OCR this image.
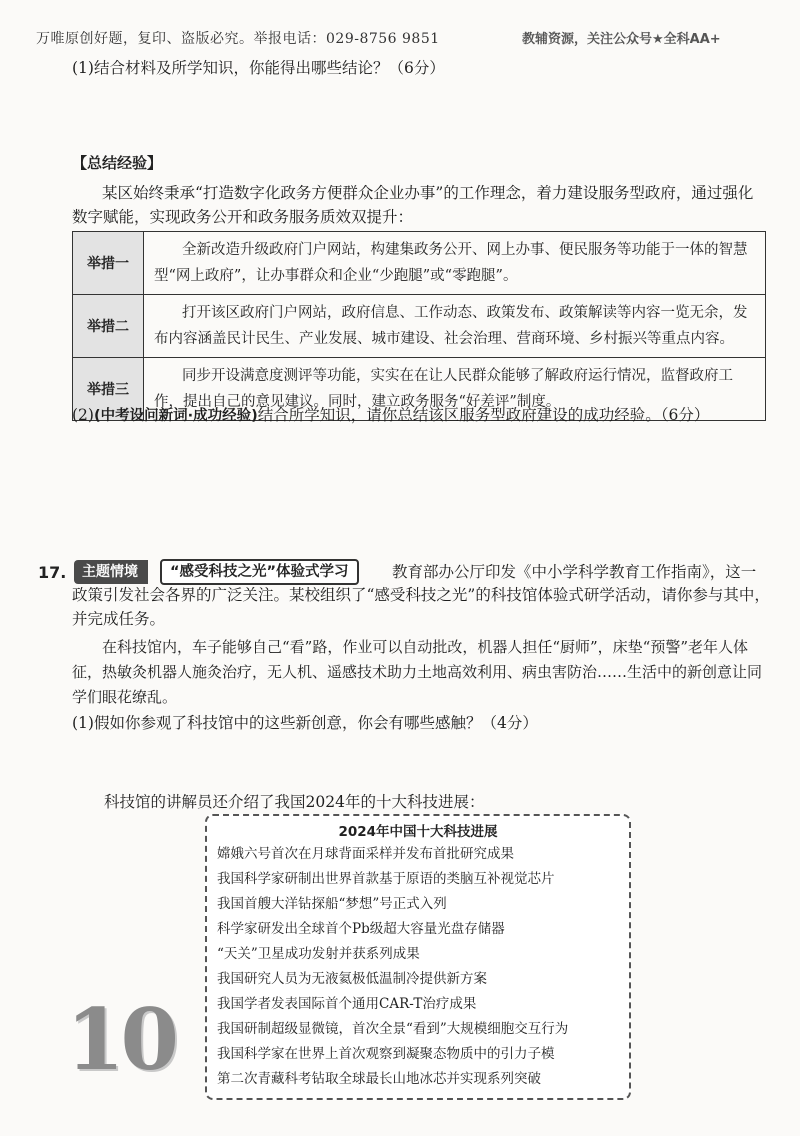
万唯原创好题，复印、盗版必究。举报电话：029-8756 9851	教辅资源，关注公众号★全科AA+
(1)结合材料及所学知识，你能得出哪些结论？（6分）
【总结经验】
某区始终秉承“打造数字化政务方便群众企业办事”的工作理念，着力建设服务型政府，通过强化数字赋能，实现政务公开和政务服务质效双提升：
举措一	全新改造升级政府门户网站，构建集政务公开、网上办事、便民服务等功能于一体的智慧型“网上政府”，让办事群众和企业“少跑腿”或“零跑腿”。
举措二	打开该区政府门户网站，政府信息、工作动态、政策发布、政策解读等内容一览无余，发布内容涵盖民计民生、产业发展、城市建设、社会治理、营商环境、乡村振兴等重点内容。
举措三	同步开设满意度测评等功能，实实在在让人民群众能够了解政府运行情况，监督政府工作，提出自己的意见建议。同时，建立政务服务“好差评”制度。
(2)(中考设问新词·成功经验)结合所学知识，请你总结该区服务型政府建设的成功经验。（6分）
17.	主题情境	“感受科技之光”体验式学习	教育部办公厅印发《中小学科学教育工作指南》，这一
政策引发社会各界的广泛关注。某校组织了“感受科技之光”的科技馆体验式研学活动，请你参与其中，并完成任务。
在科技馆内，车子能够自己“看”路，作业可以自动批改，机器人担任“厨师”，床垫“预警”老年人体征，热敏灸机器人施灸治疗，无人机、遥感技术助力土地高效利用、病虫害防治……生活中的新创意让同学们眼花缭乱。
(1)假如你参观了科技馆中的这些新创意，你会有哪些感触？（4分）
科技馆的讲解员还介绍了我国2024年的十大科技进展：
2024年中国十大科技进展
嫦娥六号首次在月球背面采样并发布首批研究成果
我国科学家研制出世界首款基于原语的类脑互补视觉芯片
我国首艘大洋钻探船“梦想”号正式入列
科学家研发出全球首个Pb级超大容量光盘存储器
“天关”卫星成功发射并获系列成果
我国研究人员为无液氦极低温制冷提供新方案
我国学者发表国际首个通用CAR-T治疗成果
我国研制超级显微镜，首次全景“看到”大规模细胞交互行为
我国科学家在世界上首次观察到凝聚态物质中的引力子模
第二次青藏科考钻取全球最长山地冰芯并实现系列突破
10
